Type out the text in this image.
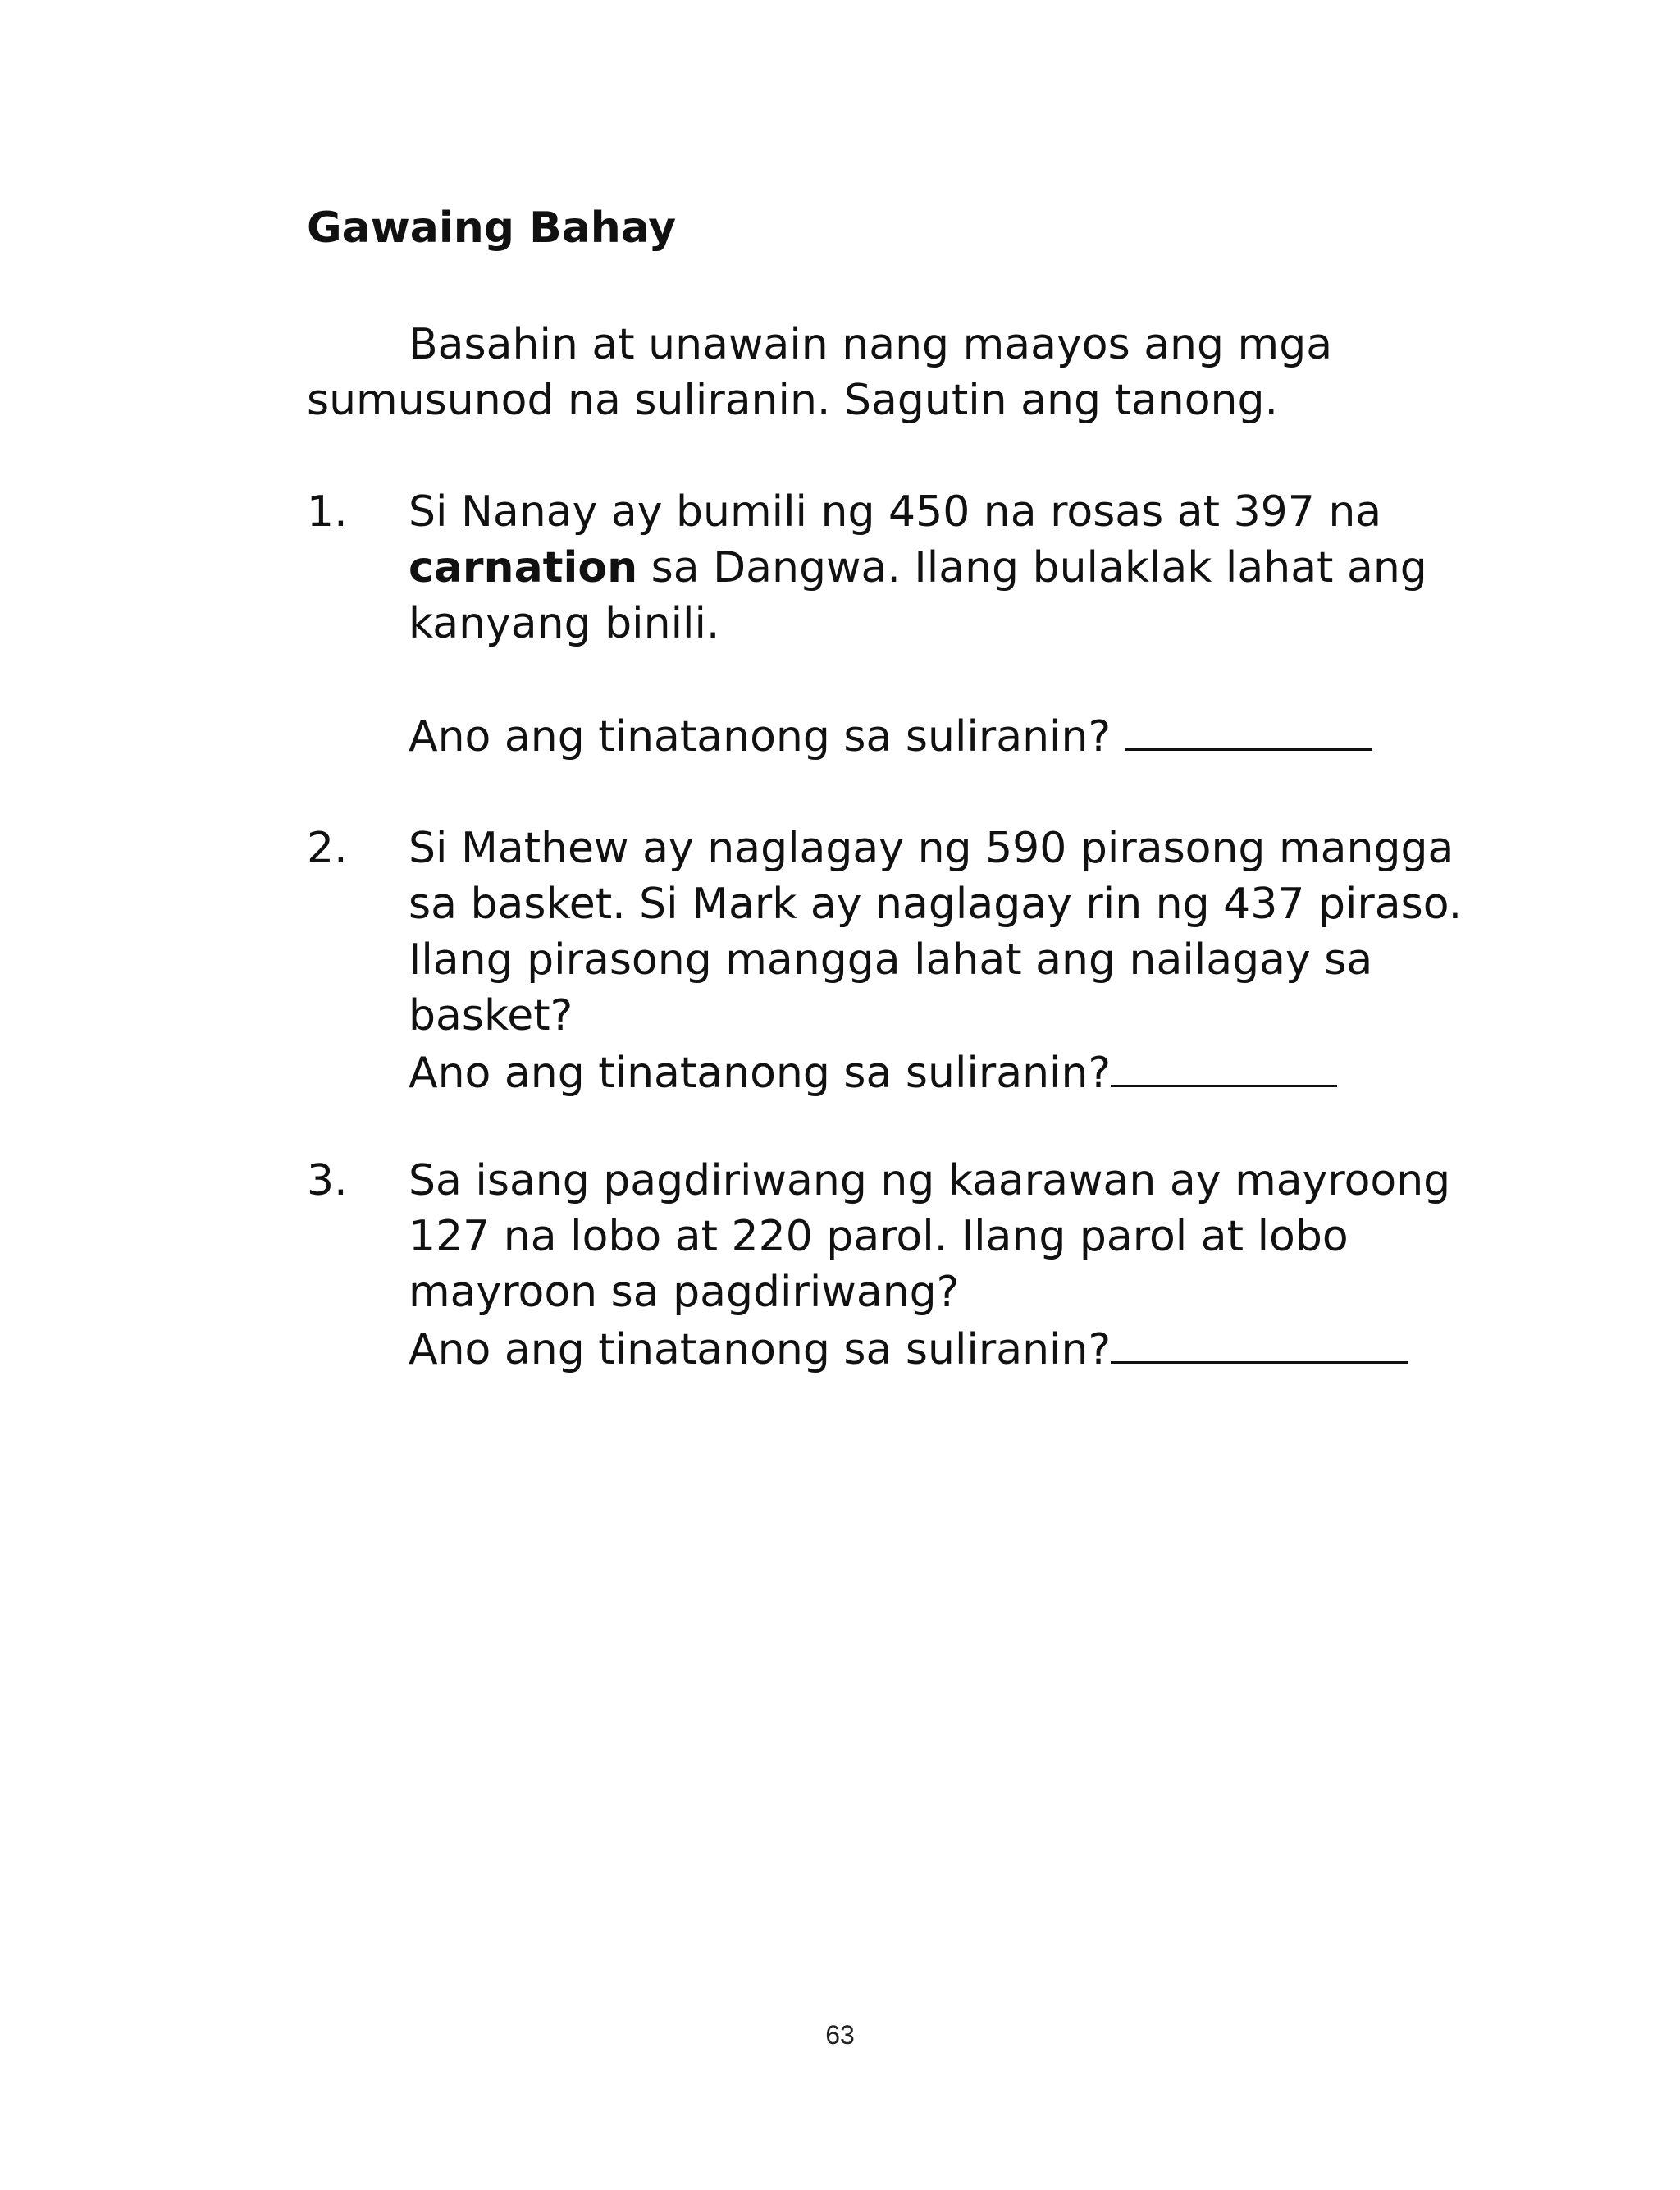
Gawaing Bahay

Basahin at unawain nang maayos ang mga sumusunod na suliranin. Sagutin ang tanong.

1. Si Nanay ay bumili ng 450 na rosas at 397 na carnation sa Dangwa. Ilang bulaklak lahat ang kanyang binili.

Ano ang tinatanong sa suliranin?

2. Si Mathew ay naglagay ng 590 pirasong mangga sa basket. Si Mark ay naglagay rin ng 437 piraso. Ilang pirasong mangga lahat ang nailagay sa basket?

Ano ang tinatanong sa suliranin?

3. Sa isang pagdiriwang ng kaarawan ay mayroong 127 na lobo at 220 parol. Ilang parol at lobo mayroon sa pagdiriwang?

Ano ang tinatanong sa suliranin?

63
